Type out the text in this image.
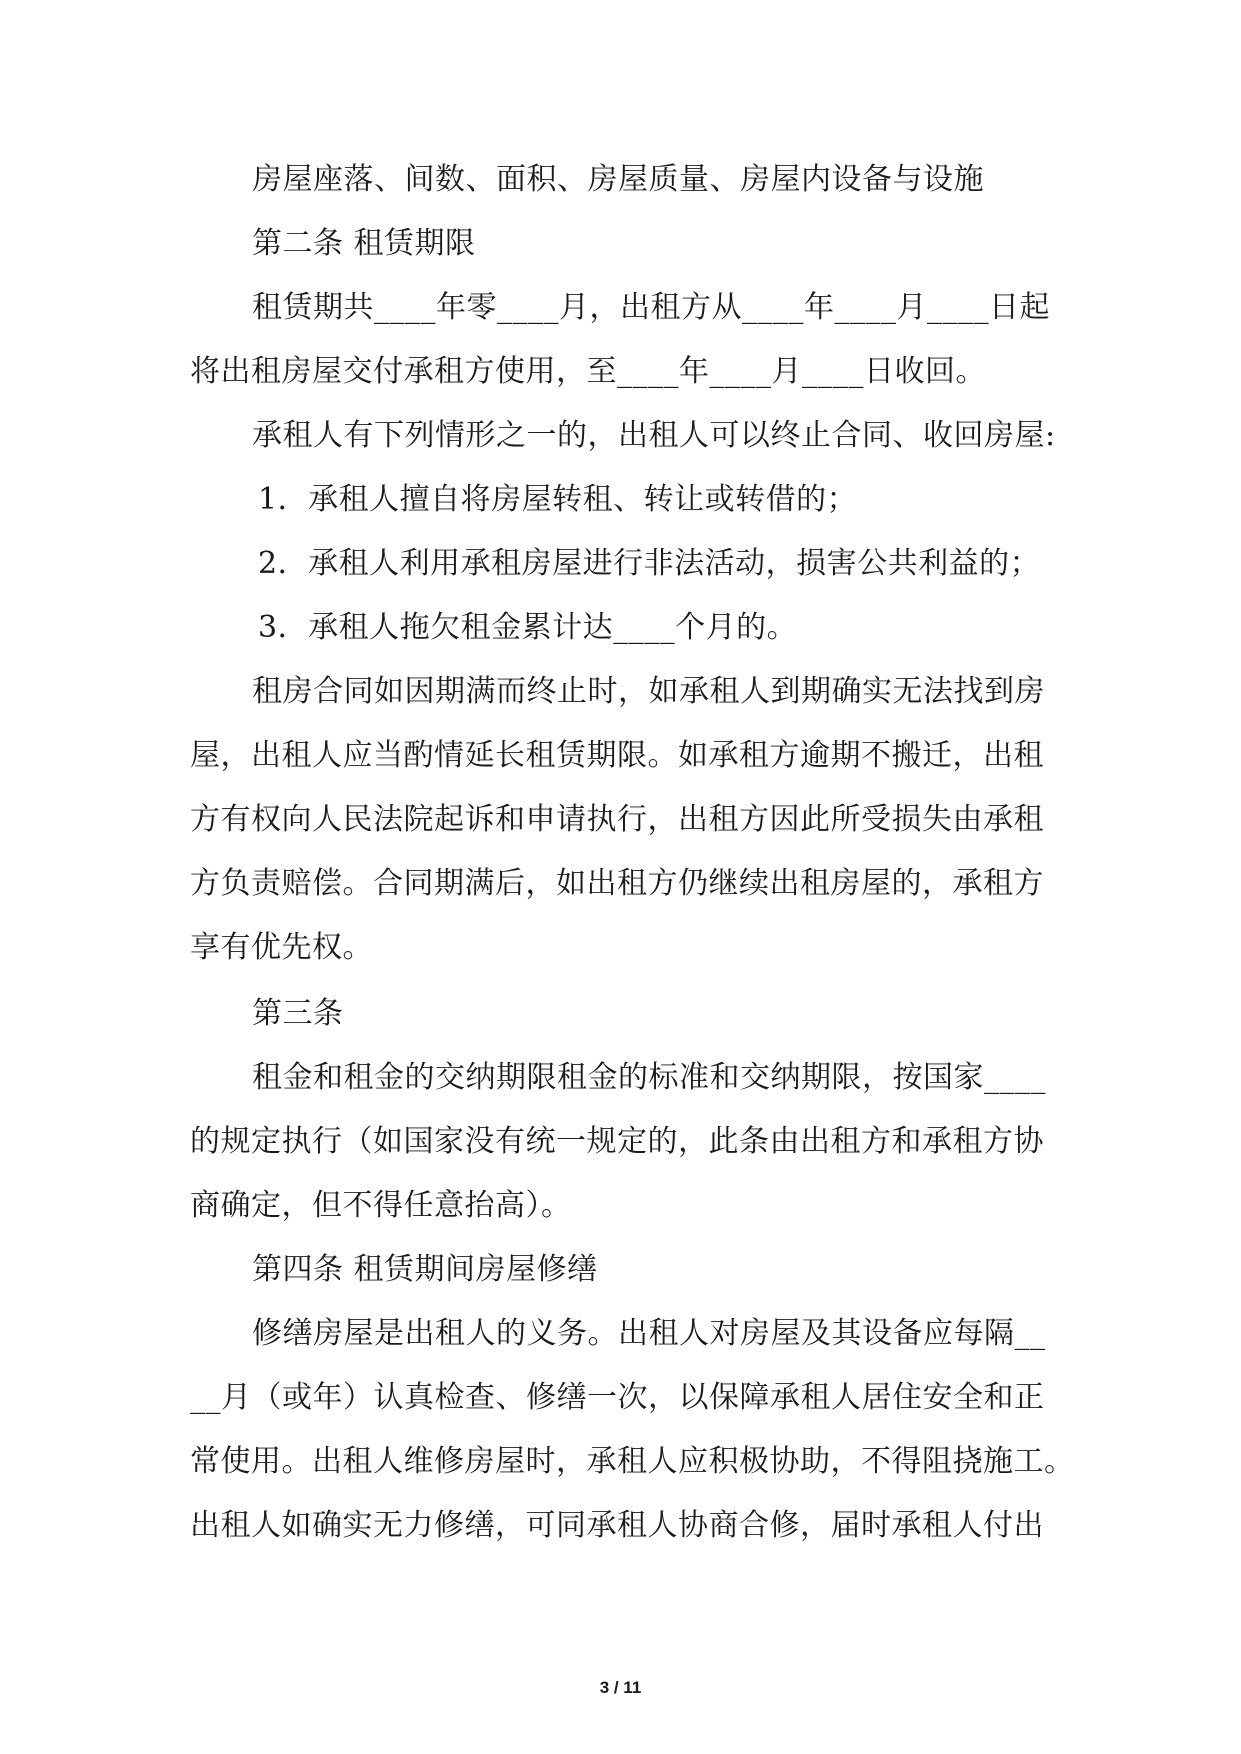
房屋座落、间数、面积、房屋质量、房屋内设备与设施
第二条 租赁期限
租赁期共____年零____月，出租方从____年____月____日起
将出租房屋交付承租方使用，至____年____月____日收回。
承租人有下列情形之一的，出租人可以终止合同、收回房屋:
1．承租人擅自将房屋转租、转让或转借的；
2．承租人利用承租房屋进行非法活动，损害公共利益的；
3．承租人拖欠租金累计达____个月的。
租房合同如因期满而终止时，如承租人到期确实无法找到房
屋，出租人应当酌情延长租赁期限。如承租方逾期不搬迁，出租
方有权向人民法院起诉和申请执行，出租方因此所受损失由承租
方负责赔偿。合同期满后，如出租方仍继续出租房屋的，承租方
享有优先权。
第三条
租金和租金的交纳期限租金的标准和交纳期限，按国家____
的规定执行（如国家没有统一规定的，此条由出租方和承租方协
商确定，但不得任意抬高）。
第四条 租赁期间房屋修缮
修缮房屋是出租人的义务。出租人对房屋及其设备应每隔__
__月（或年）认真检查、修缮一次，以保障承租人居住安全和正
常使用。出租人维修房屋时，承租人应积极协助，不得阻挠施工。
出租人如确实无力修缮，可同承租人协商合修，届时承租人付出
3 / 11
